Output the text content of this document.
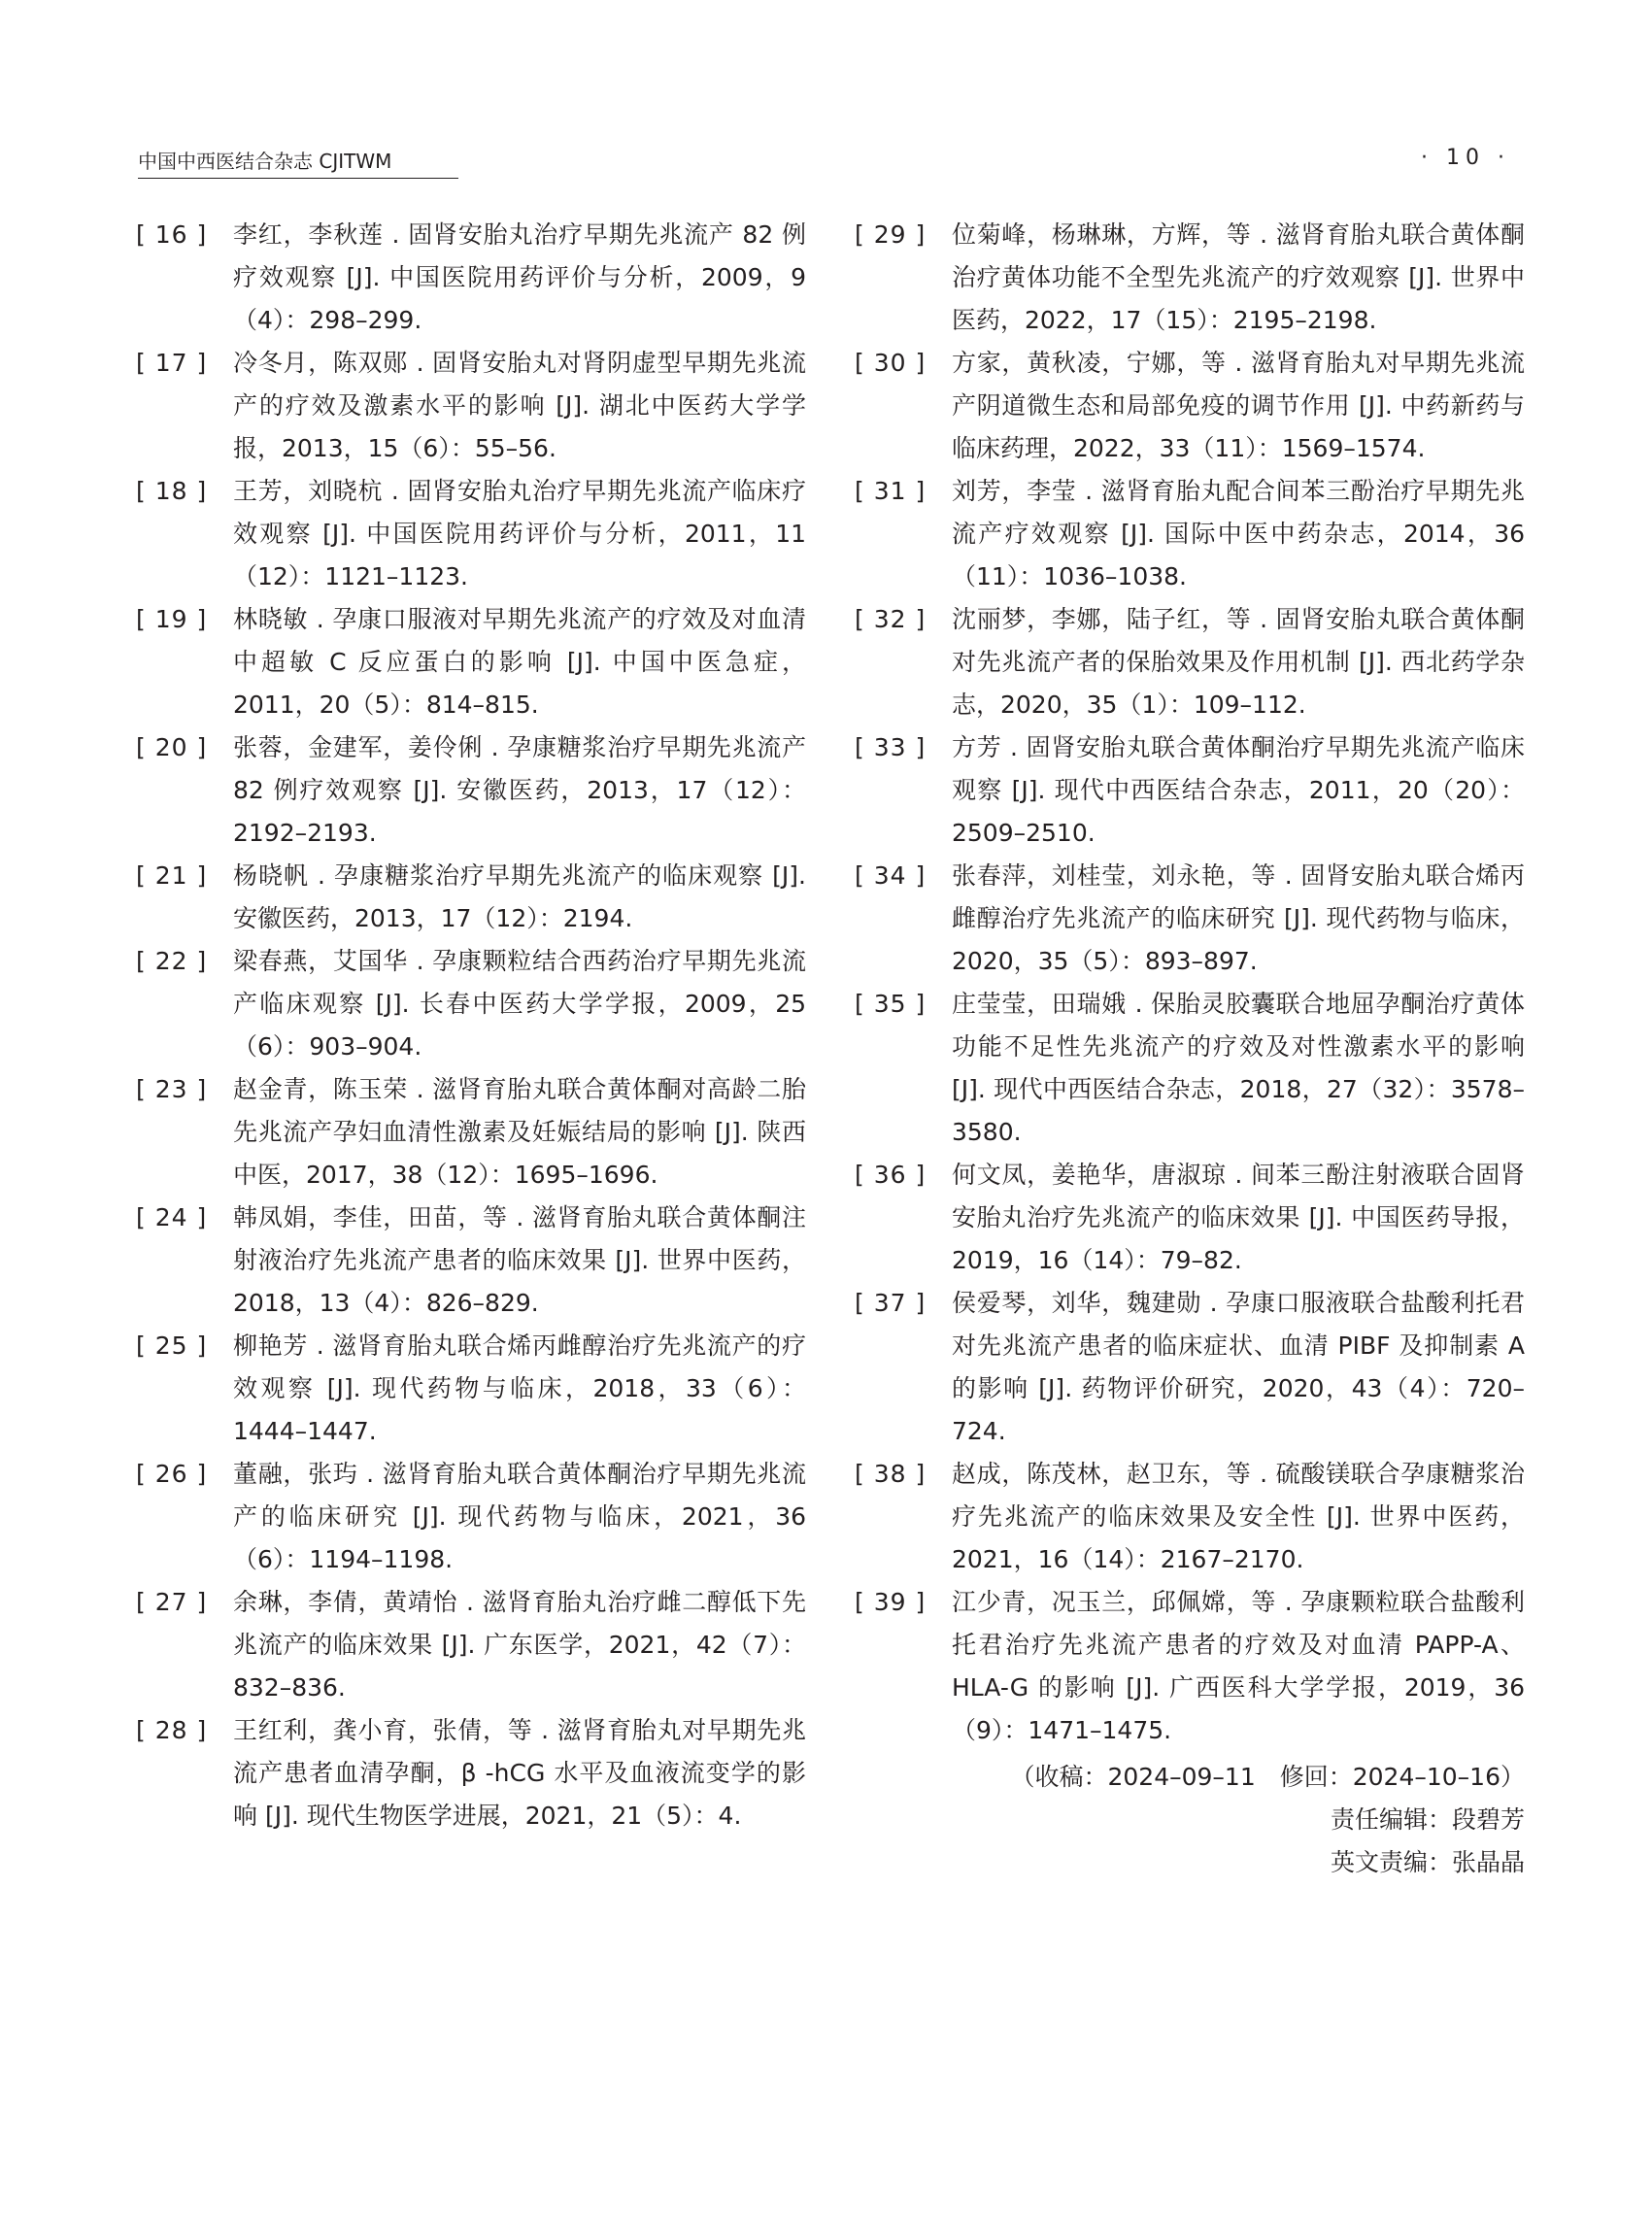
中国中西医结合杂志 CJITWM	· 10 ·
[ 16 ]	李红，李秋莲 . 固肾安胎丸治疗早期先兆流产 82 例疗效观察 [J]. 中国医院用药评价与分析，2009，9（4）：298–299.
[ 17 ]	冷冬月，陈双郧 . 固肾安胎丸对肾阴虚型早期先兆流产的疗效及激素水平的影响 [J]. 湖北中医药大学学报，2013，15（6）：55–56.
[ 18 ]	王芳，刘晓杭 . 固肾安胎丸治疗早期先兆流产临床疗效观察 [J]. 中国医院用药评价与分析，2011，11（12）：1121–1123.
[ 19 ]	林晓敏 . 孕康口服液对早期先兆流产的疗效及对血清中超敏 C 反应蛋白的影响 [J]. 中国中医急症，2011，20（5）：814–815.
[ 20 ]	张蓉，金建军，姜伶俐 . 孕康糖浆治疗早期先兆流产 82 例疗效观察 [J]. 安徽医药，2013，17（12）：2192–2193.
[ 21 ]	杨晓帆 . 孕康糖浆治疗早期先兆流产的临床观察 [J]. 安徽医药，2013，17（12）：2194.
[ 22 ]	梁春燕，艾国华 . 孕康颗粒结合西药治疗早期先兆流产临床观察 [J]. 长春中医药大学学报，2009，25（6）：903–904.
[ 23 ]	赵金青，陈玉荣 . 滋肾育胎丸联合黄体酮对高龄二胎先兆流产孕妇血清性激素及妊娠结局的影响 [J]. 陕西中医，2017，38（12）：1695–1696.
[ 24 ]	韩凤娟，李佳，田苗，等 . 滋肾育胎丸联合黄体酮注射液治疗先兆流产患者的临床效果 [J]. 世界中医药，2018，13（4）：826–829.
[ 25 ]	柳艳芳 . 滋肾育胎丸联合烯丙雌醇治疗先兆流产的疗效观察 [J]. 现代药物与临床，2018，33（6）：1444–1447.
[ 26 ]	董融，张玙 . 滋肾育胎丸联合黄体酮治疗早期先兆流产的临床研究 [J]. 现代药物与临床，2021，36（6）：1194–1198.
[ 27 ]	余琳，李倩，黄靖怡 . 滋肾育胎丸治疗雌二醇低下先兆流产的临床效果 [J]. 广东医学，2021，42（7）：832–836.
[ 28 ]	王红利，龚小育，张倩，等 . 滋肾育胎丸对早期先兆流产患者血清孕酮，β -hCG 水平及血液流变学的影响 [J]. 现代生物医学进展，2021，21（5）：4.
[ 29 ]	位菊峰，杨琳琳，方辉，等 . 滋肾育胎丸联合黄体酮治疗黄体功能不全型先兆流产的疗效观察 [J]. 世界中医药，2022，17（15）：2195–2198.
[ 30 ]	方家，黄秋凌，宁娜，等 . 滋肾育胎丸对早期先兆流产阴道微生态和局部免疫的调节作用 [J]. 中药新药与临床药理，2022，33（11）：1569–1574.
[ 31 ]	刘芳，李莹 . 滋肾育胎丸配合间苯三酚治疗早期先兆流产疗效观察 [J]. 国际中医中药杂志，2014，36（11）：1036–1038.
[ 32 ]	沈丽梦，李娜，陆子红，等 . 固肾安胎丸联合黄体酮对先兆流产者的保胎效果及作用机制 [J]. 西北药学杂志，2020，35（1）：109–112.
[ 33 ]	方芳 . 固肾安胎丸联合黄体酮治疗早期先兆流产临床观察 [J]. 现代中西医结合杂志，2011，20（20）：2509–2510.
[ 34 ]	张春萍，刘桂莹，刘永艳，等 . 固肾安胎丸联合烯丙雌醇治疗先兆流产的临床研究 [J]. 现代药物与临床，2020，35（5）：893–897.
[ 35 ]	庄莹莹，田瑞娥 . 保胎灵胶囊联合地屈孕酮治疗黄体功能不足性先兆流产的疗效及对性激素水平的影响 [J]. 现代中西医结合杂志，2018，27（32）：3578–3580.
[ 36 ]	何文凤，姜艳华，唐淑琼 . 间苯三酚注射液联合固肾安胎丸治疗先兆流产的临床效果 [J]. 中国医药导报，2019，16（14）：79–82.
[ 37 ]	侯爱琴，刘华，魏建勋 . 孕康口服液联合盐酸利托君对先兆流产患者的临床症状、血清 PIBF 及抑制素 A 的影响 [J]. 药物评价研究，2020，43（4）：720–724.
[ 38 ]	赵成，陈茂林，赵卫东，等 . 硫酸镁联合孕康糖浆治疗先兆流产的临床效果及安全性 [J]. 世界中医药，2021，16（14）：2167–2170.
[ 39 ]	江少青，况玉兰，邱佩嫦，等 . 孕康颗粒联合盐酸利托君治疗先兆流产患者的疗效及对血清 PAPP-A、HLA-G 的影响 [J]. 广西医科大学学报，2019，36（9）：1471–1475.
（收稿：2024–09–11　修回：2024–10–16）
责任编辑：段碧芳
英文责编：张晶晶
